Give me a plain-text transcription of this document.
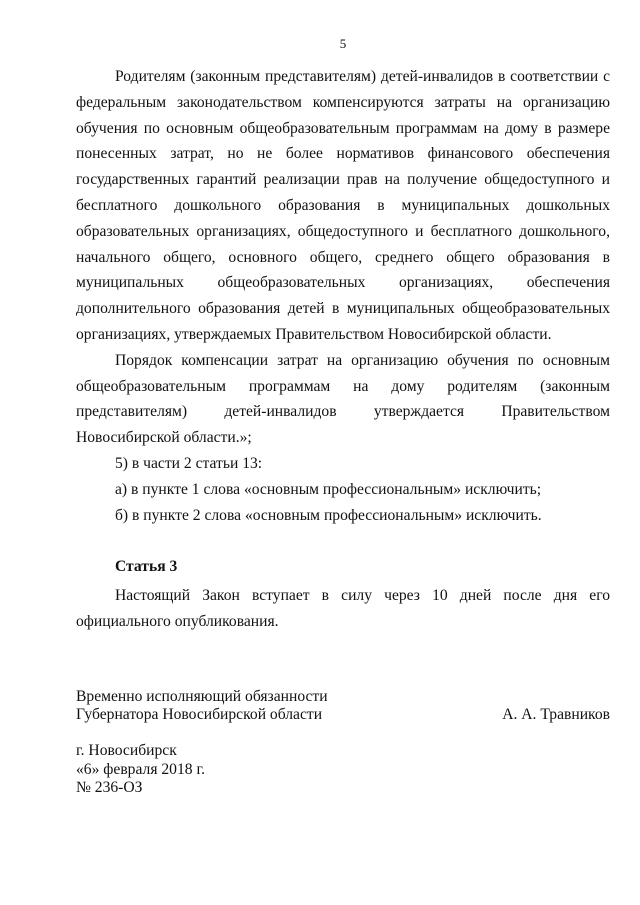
5

Родителям (законным представителям) детей-инвалидов в соответствии с федеральным законодательством компенсируются затраты на организацию обучения по основным общеобразовательным программам на дому в размере понесенных затрат, но не более нормативов финансового обеспечения государственных гарантий реализации прав на получение общедоступного и бесплатного дошкольного образования в муниципальных дошкольных образовательных организациях, общедоступного и бесплатного дошкольного, начального общего, основного общего, среднего общего образования в муниципальных общеобразовательных организациях, обеспечения дополнительного образования детей в муниципальных общеобразовательных организациях, утверждаемых Правительством Новосибирской области.

Порядок компенсации затрат на организацию обучения по основным общеобразовательным программам на дому родителям (законным представителям) детей-инвалидов утверждается Правительством Новосибирской области.»;

5) в части 2 статьи 13:

а) в пункте 1 слова «основным профессиональным» исключить;

б) в пункте 2 слова «основным профессиональным» исключить.

Статья 3

Настоящий Закон вступает в силу через 10 дней после дня его официального опубликования.

Временно исполняющий обязанности
Губернатора Новосибирской области	А. А. Травников
г. Новосибирск
«6» февраля 2018 г.
№ 236-ОЗ
